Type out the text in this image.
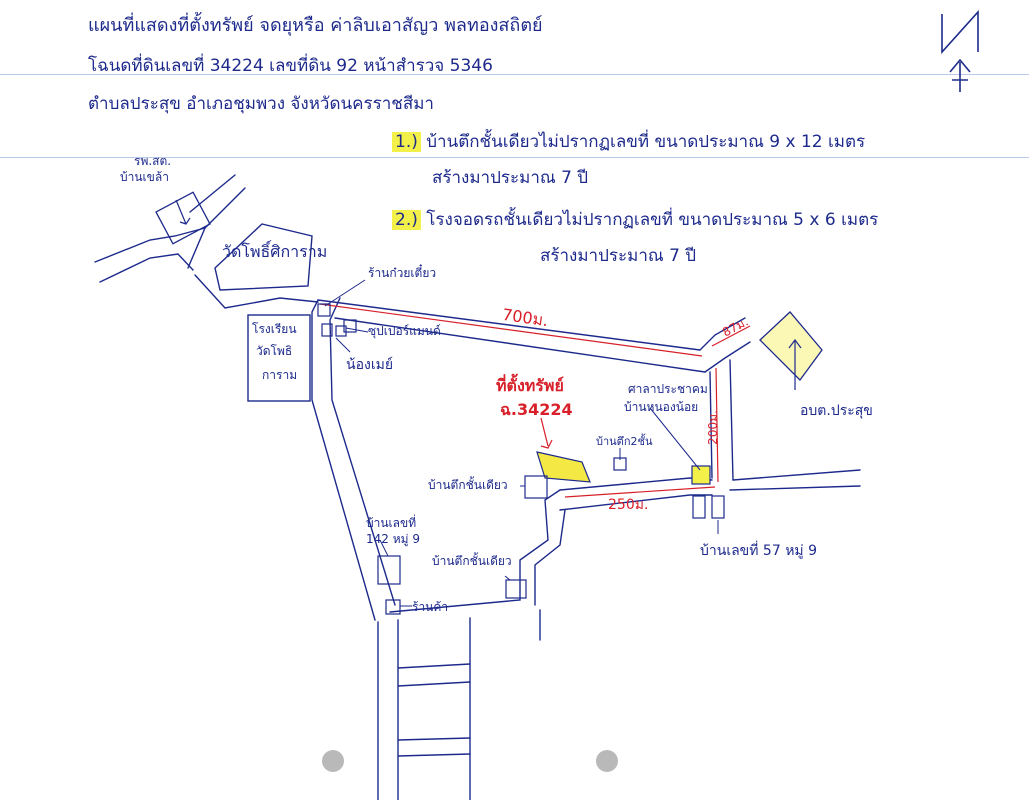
แผนที่แสดงที่ตั้งทรัพย์ จดยุหรือ ค่าลิบเอาสัญว พลทองสถิตย์
โฉนดที่ดินเลขที่ 34224 เลขที่ดิน 92 หน้าสำรวจ 5346
ตำบลประสุข อำเภอชุมพวง จังหวัดนครราชสีมา
1.) บ้านตึกชั้นเดียวไม่ปรากฏเลขที่ ขนาดประมาณ 9 x 12 เมตร
สร้างมาประมาณ 7 ปี
2.) โรงจอดรถชั้นเดียวไม่ปรากฏเลขที่ ขนาดประมาณ 5 x 6 เมตร
สร้างมาประมาณ 7 ปี
รพ.สต.
บ้านเขล้า
วัดโพธิ์ศิการาม
โรงเรียน
วัดโพธิ
การาม
ร้านก๋วยเตี๋ยว
ซุปเปอร์แมนด์
น้องเมย์
ที่ตั้งทรัพย์
ฉ.34224
ศาลาประชาคม
บ้านหนองน้อย
บ้านตึก2ชั้น
บ้านตึกชั้นเดียว
บ้านตึกชั้นเดียว
บ้านเลขที่
142 หมู่ 9
ร้านค้า
บ้านเลขที่ 57 หมู่ 9
อบต.ประสุข
700ม.	87ม.
200ม.
250ม.
